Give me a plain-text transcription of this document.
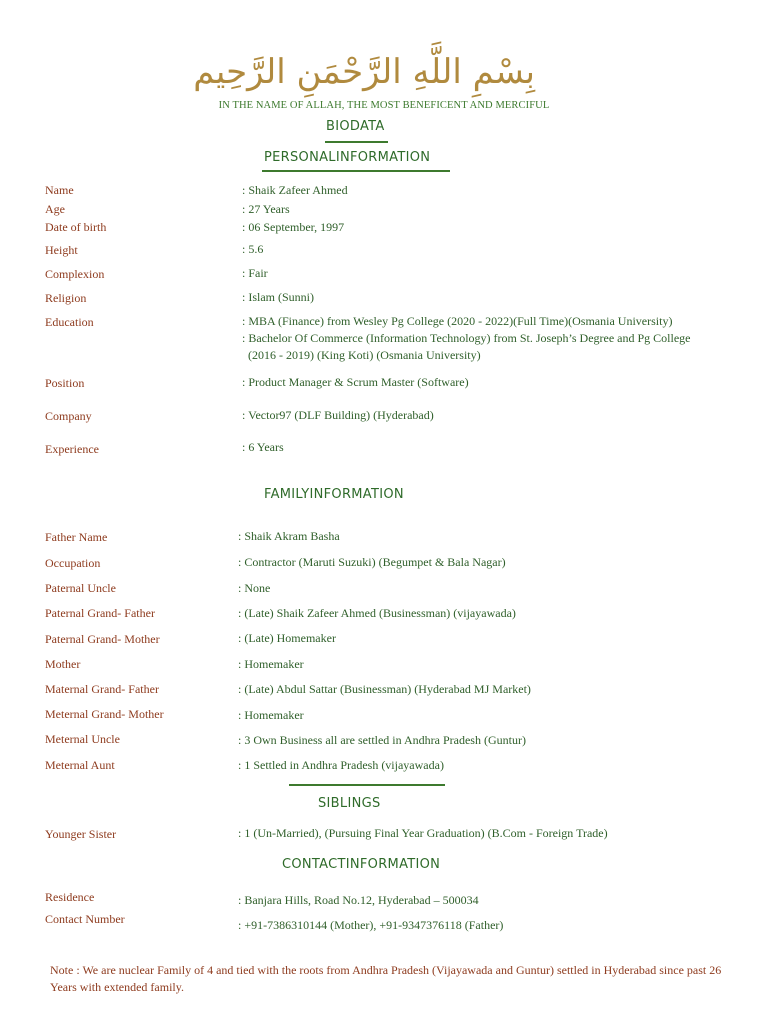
بِسْمِ اللَّهِ الرَّحْمَنِ الرَّحِيم
IN THE NAME OF ALLAH, THE MOST BENEFICENT AND MERCIFUL
BIODATA
PERSONALINFORMATION
Name	: Shaik Zafeer Ahmed
Age	: 27 Years
Date of birth	: 06 September, 1997
Height	: 5.6
Complexion	: Fair
Religion	: Islam (Sunni)
Education	: MBA (Finance) from Wesley Pg College (2020 - 2022)(Full Time)(Osmania University)
: Bachelor Of Commerce (Information Technology) from St. Joseph’s Degree and Pg College
(2016 - 2019) (King Koti) (Osmania University)
Position	: Product Manager & Scrum Master (Software)
Company	: Vector97 (DLF Building) (Hyderabad)
Experience	: 6 Years
FAMILYINFORMATION
Father Name	: Shaik Akram Basha
Occupation	: Contractor (Maruti Suzuki) (Begumpet & Bala Nagar)
Paternal Uncle	: None
Paternal Grand- Father	: (Late) Shaik Zafeer Ahmed (Businessman) (vijayawada)
Paternal Grand- Mother	: (Late) Homemaker
Mother	: Homemaker
Maternal Grand- Father	: (Late) Abdul Sattar (Businessman) (Hyderabad MJ Market)
Meternal Grand- Mother	: Homemaker
Meternal Uncle	: 3 Own Business all are settled in Andhra Pradesh (Guntur)
Meternal Aunt	: 1 Settled in Andhra Pradesh (vijayawada)
SIBLINGS
Younger Sister	: 1 (Un-Married), (Pursuing Final Year Graduation) (B.Com - Foreign Trade)
CONTACTINFORMATION
Residence	: Banjara Hills, Road No.12, Hyderabad – 500034
Contact Number	: +91-7386310144 (Mother), +91-9347376118 (Father)
Note : We are nuclear Family of 4 and tied with the roots from Andhra Pradesh (Vijayawada and Guntur) settled in Hyderabad since past 26 Years with extended family.
